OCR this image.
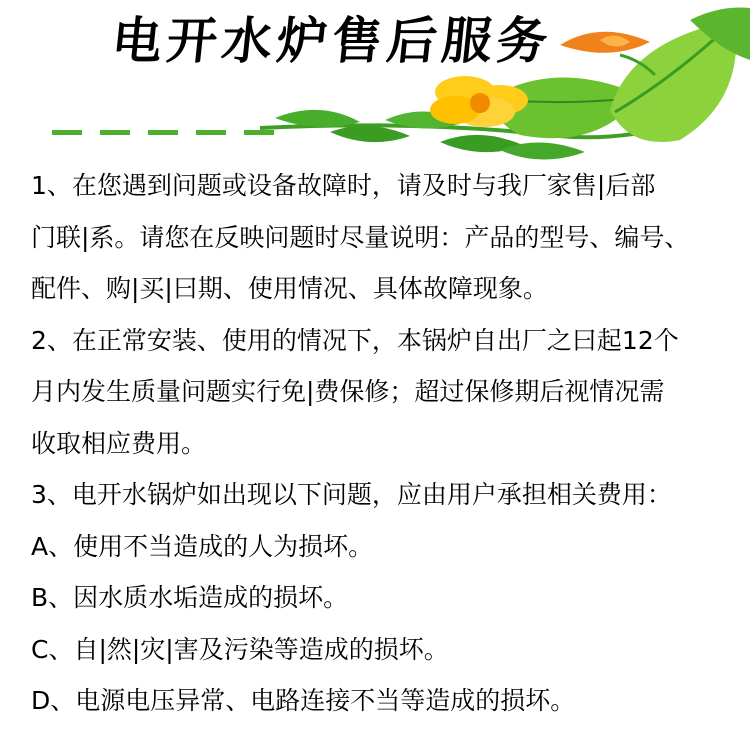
电开水炉售后服务
1、在您遇到问题或设备故障时，请及时与我厂家售|后部
门联|系。请您在反映问题时尽量说明：产品的型号、编号、
配件、购|买|曰期、使用情况、具体故障现象。
2、在正常安装、使用的情况下，本锅炉自出厂之曰起12个
月内发生质量问题实行免|费保修；超过保修期后视情况需
收取相应费用。
3、电开水锅炉如出现以下问题，应由用户承担相关费用：
A、使用不当造成的人为损坏。
B、因水质水垢造成的损坏。
C、自|然|灾|害及污染等造成的损坏。
D、电源电压异常、电路连接不当等造成的损坏。
